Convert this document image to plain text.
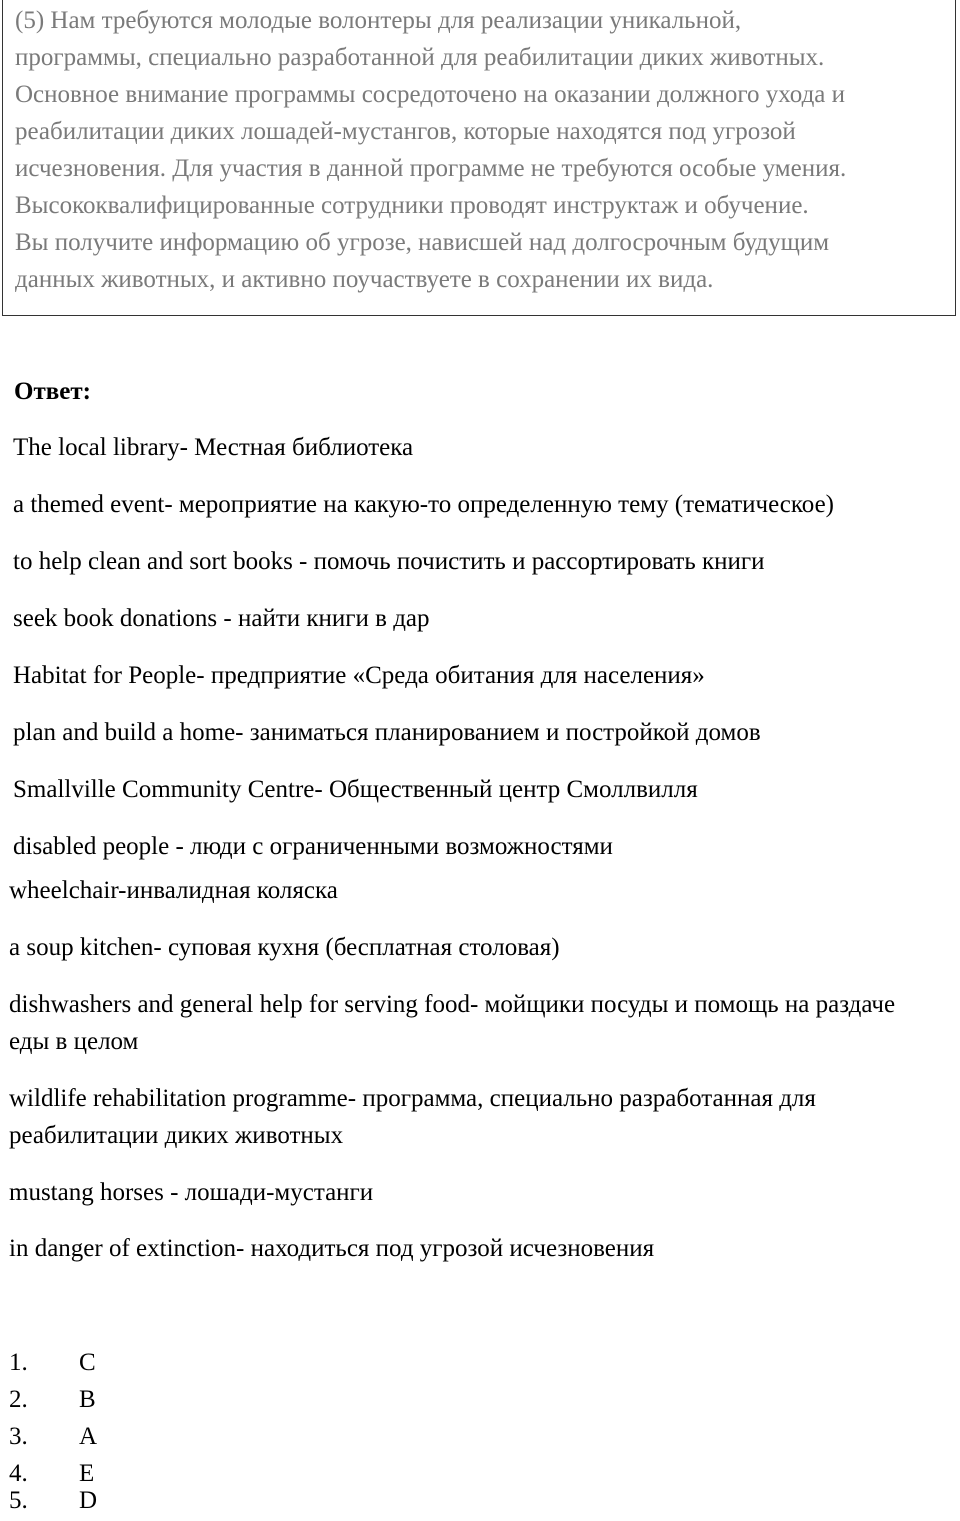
(5) Нам требуются молодые волонтеры для реализации уникальной,
программы, специально разработанной для реабилитации диких животных.
Основное внимание программы сосредоточено на оказании должного ухода и
реабилитации диких лошадей-мустангов, которые находятся под угрозой
исчезновения. Для участия в данной программе не требуются особые умения.
Высококвалифицированные сотрудники проводят инструктаж и обучение.
Вы получите информацию об угрозе, нависшей над долгосрочным будущим
данных животных, и активно поучаствуете в сохранении их вида.
Ответ:
The local library- Местная библиотека
a themed event- мероприятие на какую-то определенную тему (тематическое)
to help clean and sort books - помочь почистить и рассортировать книги
seek book donations - найти книги в дар
Habitat for People- предприятие «Среда обитания для населения»
plan and build a home- заниматься планированием и постройкой домов
Smallville Community Centre- Общественный центр Смоллвилля
disabled people - люди с ограниченными возможностями
wheelchair-инвалидная коляска
a soup kitchen- суповая кухня (бесплатная столовая)
dishwashers and general help for serving food- мойщики посуды и помощь на раздаче еды в целом
wildlife rehabilitation programme- программа, специально разработанная для реабилитации диких животных
mustang horses - лошади-мустанги
in danger of extinction- находиться под угрозой исчезновения
1. C
2. B
3. A
4. E
5. D
